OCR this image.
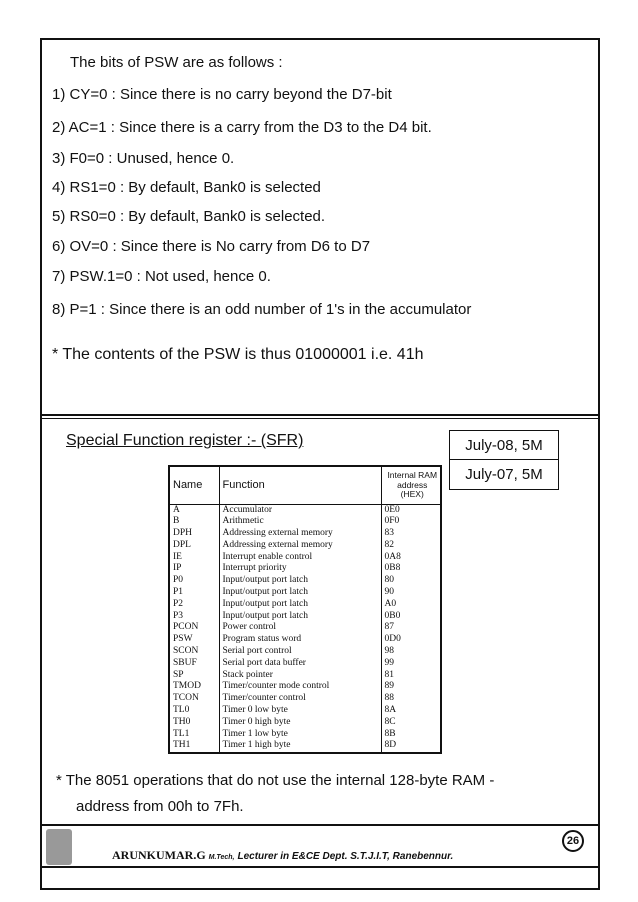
The bits of PSW are as follows :
1) CY=0 : Since there is no carry beyond the D7-bit
2) AC=1 : Since there is a carry from the D3 to the D4 bit.
3) F0=0 : Unused, hence 0.
4) RS1=0 : By default, Bank0 is selected
5) RS0=0 : By default, Bank0 is selected.
6) OV=0 : Since there is No carry from D6 to D7
7) PSW.1=0 : Not used, hence 0.
8) P=1 : Since there is an odd number of 1's in the accumulator
* The contents of the PSW is thus 01000001 i.e. 41h
Special Function register :- (SFR)	July-08, 5M
July-07, 5M
Name	Function	Internal RAM address (HEX)
A	Accumulator	0E0
B	Arithmetic	0F0
DPH	Addressing external memory	83
DPL	Addressing external memory	82
IE	Interrupt enable control	0A8
IP	Interrupt priority	0B8
P0	Input/output port latch	80
P1	Input/output port latch	90
P2	Input/output port latch	A0
P3	Input/output port latch	0B0
PCON	Power control	87
PSW	Program status word	0D0
SCON	Serial port control	98
SBUF	Serial port data buffer	99
SP	Stack pointer	81
TMOD	Timer/counter mode control	89
TCON	Timer/counter control	88
TL0	Timer 0 low byte	8A
TH0	Timer 0 high byte	8C
TL1	Timer 1 low byte	8B
TH1	Timer 1 high byte	8D
* The 8051 operations that do not use the internal 128-byte RAM -
address from 00h to 7Fh.
ARUNKUMAR.G M.Tech, Lecturer in E&CE Dept. S.T.J.I.T, Ranebennur.
26
